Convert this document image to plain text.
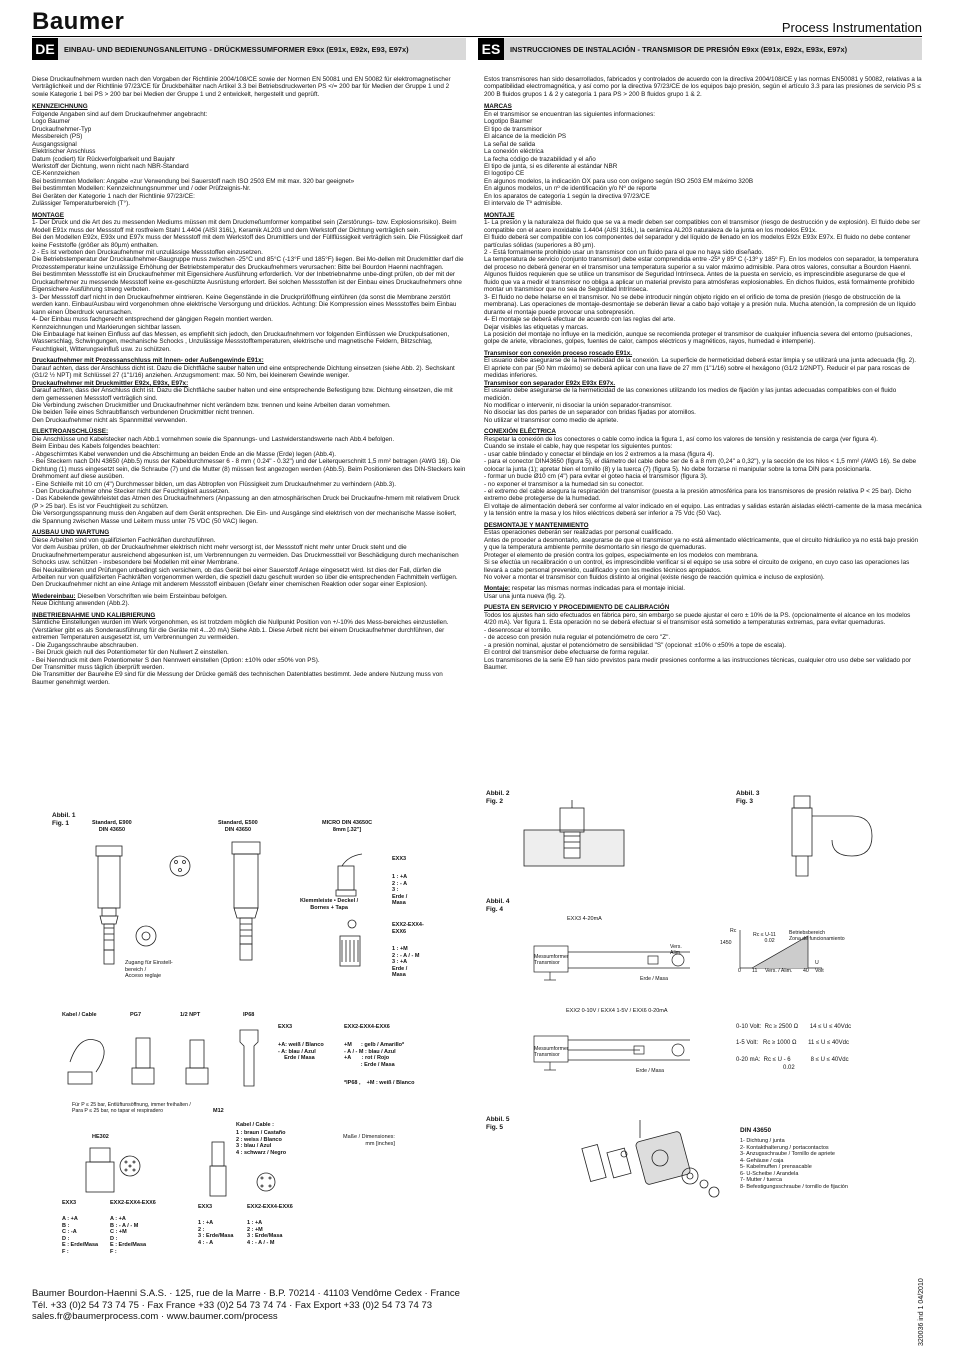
Baumer	Process Instrumentation
DE	EINBAU- UND BEDIENUNGSANLEITUNG - DRÜCKMESSUMFORMER E9xx (E91x, E92x, E93, E97x)	ES	INSTRUCCIONES DE INSTALACIÓN - TRANSMISOR DE PRESIÓN E9xx (E91x, E92x, E93x, E97x)

Diese Druckaufnehmern wurden nach den Vorgaben der Richtlinie 2004/108/CE sowie der Normen EN 50081 und EN 50082 für elektromagnetischer Verträglichkeit und der Richtlinie 97/23/CE für Druckbehälter nach Artikel 3.3 bei Betriebsdruckwerten PS </= 200 bar für Medien der Gruppe 1 und 2 sowie Kategorie 1 bei PS > 200 bar bei Medien der Gruppe 1 und 2 entwickelt, hergestellt und geprüft.

KENNZEICHNUNG
Folgende Angaben sind auf dem Druckaufnehmer angebracht:
Logo Baumer
Druckaufnehmer-Typ
Messbereich (PS)
Ausgangssignal
Elektrischer Anschluss
Datum (codiert) für Rückverfolgbarkeit und Baujahr
Werkstoff der Dichtung, wenn nicht nach NBR-Standard
CE-Kennzeichen
Bei bestimmten Modellen: Angabe «zur Verwendung bei Sauerstoff nach ISO 2503 EM mit max. 320 bar geeignet»
Bei bestimmten Modellen: Kennzeichnungsnummer und / oder Prüfzeignis-Nr.
Bei Geräten der Kategorie 1 nach der Richtlinie 97/23/CE:
Zulässiger Temperaturbereich (T°).
MONTAGE
1- Der Druck und die Art des zu messenden Mediums müssen mit dem Druckmeßumformer kompatibel sein (Zerstörungs- bzw. Explosionsrisiko). Beim Modell E91x muss der Messstoff mit rostfreiem Stahl 1.4404 (AISI 316L), Keramik AL203 und dem Werkstoff der Dichtung verträglich sein.
Bei den Modellen E92x, E93x und E97x muss der Messstoff mit dem Werkstoff des Drumittlers und der Füllflüssigkeit verträglich sein. Die Flüssigkeit darf keine Feststoffe (größer als 80µm) enthalten.
2 - Es ist verboten den Druckaufnehmer mit unzulässige Messstoffen einzusetzen.
Die Betriebstemperatur der Druckaufnehmer-Baugruppe muss zwischen -25°C und 85°C (-13°F und 185°F) liegen. Bei Mo-dellen mit Druckmittler darf die Prozesstemperatur keine unzulässige Erhöhung der Betriebstemperatur des Druckaufnehmers verursachen: Bitte bei Bourdon Haenni nachfragen.
Bei bestimmten Messstoffe ist ein Druckaufnehmer mit Eigensichere Ausführung erforderlich. Vor der Inbetriebnahme unbe-dingt prüfen, ob der mit der Druckaufnehmer zu messende Messstoff keine ex-geschützte Ausrüstung erfordert. Bei solchen Messstoffen ist der Einbau eines Druckaufnehmers ohne Eigensichere Ausführung streng verboten.
3- Der Messstoff darf nicht in den Druckaufnehmer eintrieren. Keine Gegenstände in die Druckprüföffnung einführen (da sonst die Membrane zerstört werden kann. Einbau/Ausbau wird vorgenohmen ohne elektrische Versorgung und drücklos. Achtung: Die Kompression eines Messstoffes beim Einbau kann einen Überdruck verursachen.
4- Der Einbau muss fachgerecht entsprechend der gängigen Regeln montiert werden.
Kennzeichnungen und Markierungen sichtbar lassen.
Die Einbaulage hat keinen Einfluss auf das Messen, es empfiehlt sich jedoch, den Druckaufnehmern vor folgenden Einflüssen wie Druckpulsationen, Wasserschlag, Schwingungen, mechanische Schocks , Unzulässige Messstofftemperaturen, elektrische und magnetische Feldern, Blitzschlag, Feuchtigkeit, Witterungseinfluß usw. zu schützen.
Druckaufnehmer mit Prozessanschluss mit Innen- oder Außengewinde E91x:
Darauf achten, dass der Anschluss dicht ist. Dazu die Dichtfläche sauber halten und eine entsprechende Dichtung einsetzen (siehe Abb. 2). Sechskant (G1/2 ½ NPT) mit Schlüssel 27 (1"1/16) anziehen. Anzugsmoment: max. 50 Nm, bei kleinerem Gewinde weniger.
Druckaufnehmer mit Druckmittler E92x, E93x, E97x:
Darauf achten, dass der Anschluss dicht ist. Dazu die Dichtfläche sauber halten und eine entsprechende Befestigung bzw. Dichtung einsetzen, die mit dem gemessenen Messstoff verträglich sind.
Die Verbindung zwischen Druckmittler und Druckaufnehmer nicht verändern bzw. trennen und keine Arbeiten daran vornehmen.
Die beiden Teile eines Schraubflansch verbundenen Druckmittler nicht trennen.
Den Druckaufnehmer nicht als Spannmittel verwenden.
ELEKTROANSCHLÜSSE:
Die Anschlüsse und Kabelstecker nach Abb.1 vornehmen sowie die Spannungs- und Lastwiderstandswerte nach Abb.4 befolgen.
Beim Einbau des Kabels folgendes beachten:
- Abgeschirmtes Kabel verwenden und die Abschirmung an beiden Ende an die Masse (Erde) legen (Abb.4).
- Bei Steckern nach DIN 43650 (Abb.5) muss der Kabeldurchmesser 6 - 8 mm ( 0.24" - 0.32") und der Leiterquerschnitt 1,5 mm² betragen (AWG 16). Die Dichtung (1) muss eingesetzt sein, die Schraube (7) und die Mutter (8) müssen fest angezogen werden (Abb.5). Beim Positionieren des DIN-Steckers kein Drehmoment auf diese ausüben.
- Eine Schleife mit 10 cm (4") Durchmesser bilden, um das Abtropfen von Flüssigkeit zum Druckaufnehmer zu verhindern (Abb.3).
- Den Druckaufnehmer ohne Stecker nicht der Feuchtigkeit aussetzen.
- Das Kabelende gewährleistet das Atmen des Druckaufnehmers (Anpassung an den atmosphärischen Druck bei Druckaufne-hmern mit relativem Druck (P > 25 bar). Es ist vor Feuchtigkeit zu schützen.
Die Versorgungsspannung muss den Angaben auf dem Gerät entsprechen. Die Ein- und Ausgänge sind elektrisch von der mechanische Masse isoliert, die Spannung zwischen Masse und Leitern muss unter 75 VDC (50 VAC) liegen.
AUSBAU UND WARTUNG
Diese Arbeiten sind von qualifizierten Fachkräften durchzuführen.
Vor dem Ausbau prüfen, ob der Druckaufnehmer elektrisch nicht mehr versorgt ist, der Messstoff nicht mehr unter Druck steht und die Druckaufnehmertemperatur ausreichend abgesunken ist, um Verbrennungen zu vermeiden. Das Druckmesstteil vor Beschädigung durch mechanischen Schocks usw. schützen - insbesondere bei Modellen mit einer Membrane.
Bei Neukalibrieren und Prüfungen unbedingt sich versichern, ob das Gerät bei einer Sauerstoff Anlage eingesetzt wird. Ist dies der Fall, dürfen die Arbeiten nur von qualifizierten Fachkräften vorgenommen werden, die speziell dazu geschult wurden so über die entsprechenden Fachmitteln verfügen.
Den Druckaufnehmer nicht an eine Anlage mit anderem Messstoff einbauen (Gefahr einer chemischen Reaktion oder sogar einer Explosion).
Wiedereinbau: Dieselben Vorschriften wie beim Ersteinbau befolgen.
Neue Dichtung anwenden (Abb.2).
INBETRIEBNAHME UND KALIBRIERUNG
Sämtliche Einstellungen wurden im Werk vorgenohmen, es ist trotzdem möglich die Nullpunkt Position von +/-10% des Mess-bereiches einzustellen. (Verstärker gibt es als Sonderausführung für die Geräte mit 4...20 mA) Siehe Abb.1. Diese Arbeit nicht bei einem Druckaufnehmer durchführen, der extremen Temperaturen ausgesetzt ist, um Verbrennungen zu vermeiden.
- Die Zugangsschraube abschrauben.
- Bei Druck gleich null des Potentiometer für den Nullwert Z einstellen.
- Bei Nenndruck mit dem Potentiometer S den Nennwert einstellen (Option: ±10% oder ±50% von PS).
Der Transmitter muss täglich überprüft werden.
Die Transmitter der Baureihe E9 sind für die Messung der Drücke gemäß des technischen Datenblattes bestimmt. Jede andere Nutzung muss von Baumer genehmigt werden.

Estos transmisores han sido desarrollados, fabricados y controlados de acuerdo con la directiva 2004/108/CE y las normas EN50081 y 50082, relativas a la compatibilidad electromagnética, y así como por la directiva 97/23/CE de los equipos bajo presión, según el artículo 3.3 para las presiones de servicio PS ≤ 200 B fluidos grupos 1 & 2 y categoría 1 para PS > 200 B fluidos grupo 1 & 2.

MARCAS
En el transmisor se encuentran las siguientes informaciones:
Logotipo Baumer
El tipo de transmisor
El alcance de la medición PS
La señal de salida
La conexión eléctrica
La fecha código de trazabilidad y el año
El tipo de junta, si es diferente al estándar NBR
El logotipo CE
En algunos modelos, la indicación OX para uso con oxígeno según ISO 2503 EM máximo 320B
En algunos modelos, un nº de identificación y/o Nº de reporte
En los aparatos de categoría 1 según la directiva 97/23/CE
El intervalo de Tº admisible.
MONTAJE
1- La presión y la naturaleza del fluido que se va a medir deben ser compatibles con el transmisor (riesgo de destrucción y de explosión). El fluido debe ser compatible con el acero inoxidable 1.4404 (AISI 316L), la cerámica AL203 naturaleza de la junta en los modelos E91x.
El fluido deberá ser compatible con los componentes del separador y del líquido de llenado en los modelos E92x E93x E97x. El fluido no debe contener partículas sólidas (superiores a 80 µm).
2 - Está formalmente prohibido usar un transmisor con un fluido para el que no haya sido diseñado.
La temperatura de servicio (conjunto transmisor) debe estar comprendida entre -25º y 85º C (-13º y 185º F). En los modelos con separador, la temperatura del proceso no deberá generar en el transmisor una temperatura superior a su valor máximo admisible. Para otros valores, consultar a Bourdon Haenni.
Algunos fluidos requieren que se utilice un transmisor de Seguridad Intrínseca. Antes de la puesta en servicio, es imprescindible asegurarse de que el fluido que va a medir el transmisor no obliga a aplicar un material previsto para atmósferas explosionables. En dichos fluidos, está formalmente prohibido montar un transmisor que no sea de Seguridad Intrínseca.
3- El fluido no debe helarse en el transmisor. No se debe introducir ningún objeto rígido en el orificio de toma de presión (riesgo de obstrucción de la membrana). Las operaciones de montaje-desmontaje se deberán llevar a cabo bajo voltaje y a presión nula. Mucha atención, la compresión de un líquido durante el montaje puede provocar una sobrepresión.
4- El montaje se deberá efectuar de acuerdo con las reglas del arte.
Dejar visibles las etiquetas y marcas.
La posición del montaje no influye en la medición, aunque se recomienda proteger el transmisor de cualquier influencia severa del entorno (pulsaciones, golpe de ariete, vibraciones, golpes, fuentes de calor, campos eléctricos y magnéticos, rayos, humedad e intemperie).
Transmisor con conexión proceso roscado E91x.
El usuario debe asegurarse de la hermeticidad de la conexión. La superficie de hermeticidad deberá estar limpia y se utilizará una junta adecuada (fig. 2). El apriete con par (50 Nm máximo) se deberá aplicar con una llave de 27 mm (1"1/16) sobre el hexágono (G1/2 1/2NPT). Reducir el par para roscas de medidas inferiores.
Transmisor con separador E92x E93x E97x.
El usuario debe asegurarse de la hermeticidad de las conexiones utilizando los medios de fijación y las juntas adecuadas compatibles con el fluido medición.
No modificar o intervenir, ni disociar la unión separador-transmisor.
No disociar las dos partes de un separador con bridas fijadas por atornillos.
No utilizar el transmisor como medio de apriete.
CONEXIÓN ELÉCTRICA
Respetar la conexión de los conectores o cable como indica la figura 1, así como los valores de tensión y resistencia de carga (ver figura 4).
Cuando se instale el cable, hay que respetar los siguientes puntos:
- usar cable blindado y conectar el blindaje en los 2 extremos a la masa (figura 4).
- para el conector DIN43650 (figura 5), el diámetro del cable debe ser de 6 a 8 mm (0,24" a 0,32"), y la sección de los hilos < 1,5 mm² (AWG 16). Se debe colocar la junta (1); apretar bien el tornillo (8) y la tuerca (7) (figura 5). No debe forzarse ni manipular sobre la toma DIN para posicionarla.
- formar un bucle Ø10 cm (4") para evitar el goteo hacia el transmisor (figura 3).
- no exponer el transmisor a la humedad sin su conector.
- el extremo del cable asegura la respiración del transmisor (puesta a la presión atmosférica para los transmisores de presión relativa P < 25 bar). Dicho extremo debe protegerse de la humedad.
El voltaje de alimentación deberá ser conforme al valor indicado en el equipo. Las entradas y salidas estarán aisladas eléctri-camente de la masa mecánica y la tensión entre la masa y los hilos eléctricos deberá ser inferior a 75 Vdc (50 Vac).
DESMONTAJE Y MANTENIMIENTO
Estas operaciones deberán ser realizadas por personal cualificado.
Antes de proceder a desmontarlo, asegurarse de que el transmisor ya no está alimentado eléctricamente, que el circuito hidráulico ya no está bajo presión y que la temperatura ambiente permite desmontarlo sin riesgo de quemaduras.
Proteger el elemento de presión contra los golpes, especialmente en los modelos con membrana.
Si se efectúa un recalibración o un control, es imprescindible verificar si el equipo se usa sobre el circuito de oxígeno, en cuyo caso las operaciones las llevará a cabo personal prevenido, cualificado y con los medios técnicos apropiados.
No volver a montar el transmisor con fluidos distinto al original (existe riesgo de reacción química e incluso de explosión).
Montaje: respetar las mismas normas indicadas para el montaje inicial.
Usar una junta nueva (fig. 2).
PUESTA EN SERVICIO Y PROCEDIMIENTO DE CALIBRACIÓN
Todos los ajustes han sido efectuados en fábrica pero, sin embargo se puede ajustar el cero ± 10% de la PS. (opcionalmente el alcance en los modelos 4/20 mA). Ver figura 1. Esta operación no se deberá efectuar si el transmisor está sometido a temperaturas extremas, para evitar quemaduras.
- desenroscar el tornillo.
- de acceso con presión nula regular el potenciómetro de cero "Z".
- a presión nominal, ajustar el potenciómetro de sensibilidad "S" (opcional: ±10% o ±50% a tope de escala).
El control del transmisor debe efectuarse de forma regular.
Los transmisores de la serie E9 han sido previstos para medir presiones conforme a las instrucciones técnicas, cualquier otro uso debe ser validado por Baumer.
Abbil. 1
Fig. 1	Standard, E900
DIN 43650
Standard, E500
DIN 43650
MICRO DIN 43650C
8mm [.32"]
Zugang für Einstell-
bereich /
Acceso reglaje
Klemmleiste • Deckel /
Bornes + Tapa
EXX3
1 : +A
2 : - A
3 :
Erde /
Masa
EXX2-EXX4-
EXX6
1 : +M
2 : - A / - M
3 : +A
Erde /
Masa
Kabel / Cable	PG7	1/2 NPT	IP68
EXX3
+A: weiß / Blanco
- A: blau / Azul
Erde / Masa
EXX2-EXX4-EXX6
+M      : gelb / Amarillo*
- A / - M : blau / Azul
+A       : rot / Rojo
: Erde / Masa
*IP68 ,    +M : weiß / Blanco
Für P ≤ 25 bar, Entlüftunsöffnung, immer freihalten /
Para P ≤ 25 bar, no tapar el respiradero	M12
Kabel / Cable :
1 : braun / Castaño
2 : weiss / Blanco
3 : blau / Azul
4 : schwarz / Negro
Maße / Dimensiones:
mm [inches]
HE302
EXX3
A : +A
B :
C : -A
D :
E : Erde/Masa
F :
EXX2-EXX4-EXX6
A : +A
B : - A / - M
C : +M
D :
E : Erde/Masa
F :
EXX3
1 : +A
2 :
3 : Erde/Masa
4 : - A
EXX2-EXX4-EXX6
1 : +A
2 : +M
3 : Erde/Masa
4 : - A / - M
Abbil. 2
Fig. 2
Abbil. 3
Fig. 3
Abbil. 4
Fig. 4
EXX3 4-20mA
Messumformer
Transmisor
Vers.
Alim.
Erde / Masa
Rc
1450
Rc ≤ U-11
0.02
Betriebsbereich
Zona de funcionamiento
0 11	40
U
Volt
Vers. / Alim.
EXX2 0-10V / EXX4 1-5V / EXX6 0-20mA
Messumformer
Transmisor
Erde / Masa
0-10 Volt:  Rc ≥ 2500 Ω       14 ≤ U ≤ 40Vdc
1-5 Volt:   Rc ≥ 1000 Ω       11 ≤ U ≤ 40Vdc
0-20 mA:  Rc ≤ U - 6            8 ≤ U ≤ 40Vdc
0.02
Abbil. 5
Fig. 5	DIN 43650
1- Dichtung / junta
2- Kontakthalterung / portacontactos
3- Anzugsschraube / Tornillo de apriete
4- Gehäuse / caja
5- Kabelmuffen / prensacable
6- U-Scheibe / Arandela
7- Mutter / tuerca
8- Befestigungsschraube / tornillo de fijación
Baumer Bourdon-Haenni S.A.S. · 125, rue de la Marre · B.P. 70214 · 41103 Vendôme Cedex · France
Tél. +33 (0)2 54 73 74 75 · Fax France +33 (0)2 54 73 74 74 · Fax Export +33 (0)2 54 73 74 73
sales.fr@baumerprocess.com · www.baumer.com/process	320036 ind 1 04/2010
